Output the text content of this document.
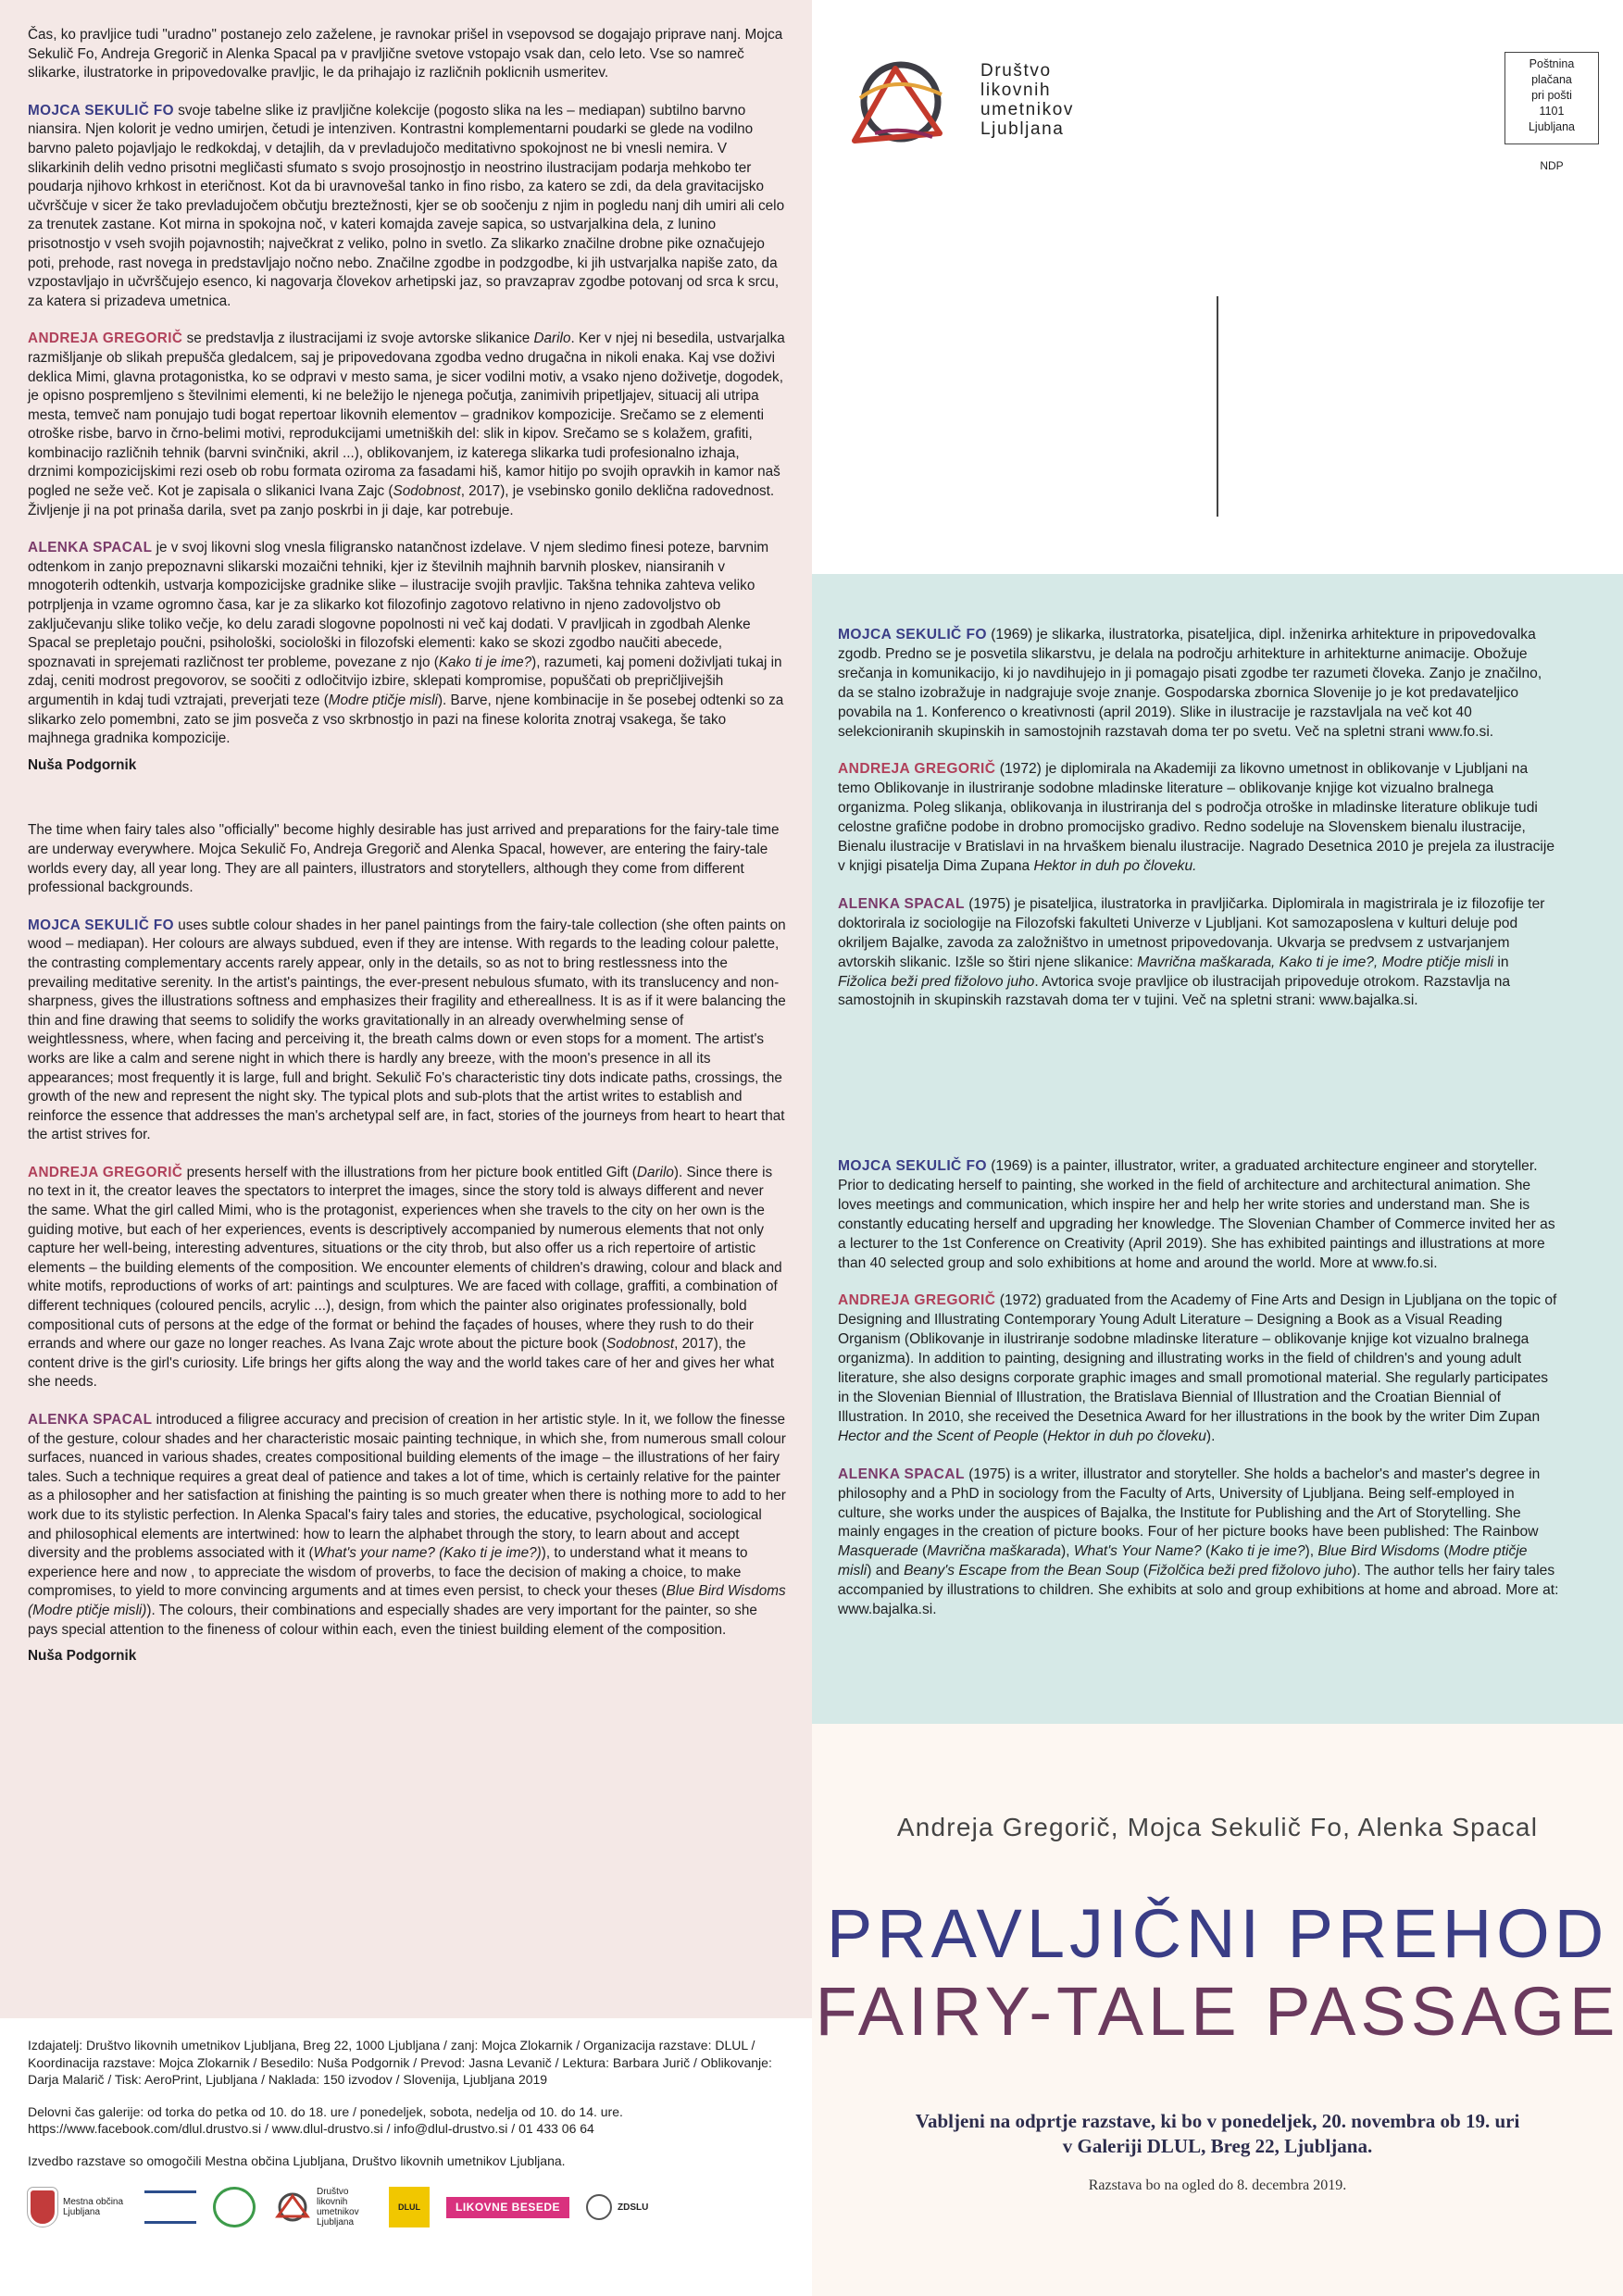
Čas, ko pravljice tudi "uradno" postanejo zelo zaželene, je ravnokar prišel in vsepovsod se dogajajo priprave nanj. Mojca Sekulič Fo, Andreja Gregorič in Alenka Spacal pa v pravljične svetove vstopajo vsak dan, celo leto. Vse so namreč slikarke, ilustratorke in pripovedovalke pravljic, le da prihajajo iz različnih poklicnih usmeritev.

MOJCA SEKULIČ FO svoje tabelne slike iz pravljične kolekcije (pogosto slika na les – mediapan) subtilno barvno niansira. Njen kolorit je vedno umirjen, četudi je intenziven. Kontrastni komplementarni poudarki se glede na vodilno barvno paleto pojavljajo le redkokdaj, v detajlih, da v prevladujočo meditativno spokojnost ne bi vnesli nemira. V slikarkinih delih vedno prisotni megličasti sfumato s svojo prosojnostjo in neostrino ilustracijam podarja mehkobo ter poudarja njihovo krhkost in eteričnost. Kot da bi uravnovešal tanko in fino risbo, za katero se zdi, da dela gravitacijsko učvrščuje v sicer že tako prevladujočem občutju breztežnosti, kjer se ob soočenju z njim in pogledu nanj dih umiri ali celo za trenutek zastane. Kot mirna in spokojna noč, v kateri komajda zaveje sapica, so ustvarjalkina dela, z lunino prisotnostjo v vseh svojih pojavnostih; največkrat z veliko, polno in svetlo. Za slikarko značilne drobne pike označujejo poti, prehode, rast novega in predstavljajo nočno nebo. Značilne zgodbe in podzgodbe, ki jih ustvarjalka napiše zato, da vzpostavljajo in učvrščujejo esenco, ki nagovarja človekov arhetipski jaz, so pravzaprav zgodbe potovanj od srca k srcu, za katera si prizadeva umetnica.

ANDREJA GREGORIČ se predstavlja z ilustracijami iz svoje avtorske slikanice Darilo. Ker v njej ni besedila, ustvarjalka razmišljanje ob slikah prepušča gledalcem, saj je pripovedovana zgodba vedno drugačna in nikoli enaka. Kaj vse doživi deklica Mimi, glavna protagonistka, ko se odpravi v mesto sama, je sicer vodilni motiv, a vsako njeno doživetje, dogodek, je opisno pospremljeno s številnimi elementi, ki ne beležijo le njenega počutja, zanimivih pripetljajev, situacij ali utripa mesta, temveč nam ponujajo tudi bogat repertoar likovnih elementov – gradnikov kompozicije. Srečamo se z elementi otroške risbe, barvo in črno-belimi motivi, reprodukcijami umetniških del: slik in kipov. Srečamo se s kolažem, grafiti, kombinacijo različnih tehnik (barvni svinčniki, akril ...), oblikovanjem, iz katerega slikarka tudi profesionalno izhaja, drznimi kompozicijskimi rezi oseb ob robu formata oziroma za fasadami hiš, kamor hitijo po svojih opravkih in kamor naš pogled ne seže več. Kot je zapisala o slikanici Ivana Zajc (Sodobnost, 2017), je vsebinsko gonilo deklična radovednost. Življenje ji na pot prinaša darila, svet pa zanjo poskrbi in ji daje, kar potrebuje.

ALENKA SPACAL je v svoj likovni slog vnesla filigransko natančnost izdelave. V njem sledimo finesi poteze, barvnim odtenkom in zanjo prepoznavni slikarski mozaični tehniki, kjer iz številnih majhnih barvnih ploskev, niansiranih v mnogoterih odtenkih, ustvarja kompozicijske gradnike slike – ilustracije svojih pravljic. Takšna tehnika zahteva veliko potrpljenja in vzame ogromno časa, kar je za slikarko kot filozofinjo zagotovo relativno in njeno zadovoljstvo ob zaključevanju slike toliko večje, ko delu zaradi slogovne popolnosti ni več kaj dodati. V pravljicah in zgodbah Alenke Spacal se prepletajo poučni, psihološki, sociološki in filozofski elementi: kako se skozi zgodbo naučiti abecede, spoznavati in sprejemati različnost ter probleme, povezane z njo (Kako ti je ime?), razumeti, kaj pomeni doživljati tukaj in zdaj, ceniti modrost pregovorov, se soočiti z odločitvijo izbire, sklepati kompromise, popuščati ob prepričljivejših argumentih in kdaj tudi vztrajati, preverjati teze (Modre ptičje misli). Barve, njene kombinacije in še posebej odtenki so za slikarko zelo pomembni, zato se jim posveča z vso skrbnostjo in pazi na finese kolorita znotraj vsakega, še tako majhnega gradnika kompozicije.

Nuša Podgornik

The time when fairy tales also "officially" become highly desirable has just arrived and preparations for the fairy-tale time are underway everywhere. Mojca Sekulič Fo, Andreja Gregorič and Alenka Spacal, however, are entering the fairy-tale worlds every day, all year long. They are all painters, illustrators and storytellers, although they come from different professional backgrounds.

MOJCA SEKULIČ FO uses subtle colour shades in her panel paintings from the fairy-tale collection (she often paints on wood – mediapan). Her colours are always subdued, even if they are intense. With regards to the leading colour palette, the contrasting complementary accents rarely appear, only in the details, so as not to bring restlessness into the prevailing meditative serenity. In the artist's paintings, the ever-present nebulous sfumato, with its translucency and non-sharpness, gives the illustrations softness and emphasizes their fragility and ethereallness. It is as if it were balancing the thin and fine drawing that seems to solidify the works gravitationally in an already overwhelming sense of weightlessness, where, when facing and perceiving it, the breath calms down or even stops for a moment. The artist's works are like a calm and serene night in which there is hardly any breeze, with the moon's presence in all its appearances; most frequently it is large, full and bright. Sekulič Fo's characteristic tiny dots indicate paths, crossings, the growth of the new and represent the night sky. The typical plots and sub-plots that the artist writes to establish and reinforce the essence that addresses the man's archetypal self are, in fact, stories of the journeys from heart to heart that the artist strives for.

ANDREJA GREGORIČ presents herself with the illustrations from her picture book entitled Gift (Darilo). Since there is no text in it, the creator leaves the spectators to interpret the images, since the story told is always different and never the same. What the girl called Mimi, who is the protagonist, experiences when she travels to the city on her own is the guiding motive, but each of her experiences, events is descriptively accompanied by numerous elements that not only capture her well-being, interesting adventures, situations or the city throb, but also offer us a rich repertoire of artistic elements – the building elements of the composition. We encounter elements of children's drawing, colour and black and white motifs, reproductions of works of art: paintings and sculptures. We are faced with collage, graffiti, a combination of different techniques (coloured pencils, acrylic ...), design, from which the painter also originates professionally, bold compositional cuts of persons at the edge of the format or behind the façades of houses, where they rush to do their errands and where our gaze no longer reaches. As Ivana Zajc wrote about the picture book (Sodobnost, 2017), the content drive is the girl's curiosity. Life brings her gifts along the way and the world takes care of her and gives her what she needs.

ALENKA SPACAL introduced a filigree accuracy and precision of creation in her artistic style. In it, we follow the finesse of the gesture, colour shades and her characteristic mosaic painting technique, in which she, from numerous small colour surfaces, nuanced in various shades, creates compositional building elements of the image – the illustrations of her fairy tales. Such a technique requires a great deal of patience and takes a lot of time, which is certainly relative for the painter as a philosopher and her satisfaction at finishing the painting is so much greater when there is nothing more to add to her work due to its stylistic perfection. In Alenka Spacal's fairy tales and stories, the educative, psychological, sociological and philosophical elements are intertwined: how to learn the alphabet through the story, to learn about and accept diversity and the problems associated with it (What's your name? (Kako ti je ime?)), to understand what it means to experience here and now , to appreciate the wisdom of proverbs, to face the decision of making a choice, to make compromises, to yield to more convincing arguments and at times even persist, to check your theses (Blue Bird Wisdoms (Modre ptičje misli)). The colours, their combinations and especially shades are very important for the painter, so she pays special attention to the fineness of colour within each, even the tiniest building element of the composition.

Nuša Podgornik

Izdajatelj: Društvo likovnih umetnikov Ljubljana, Breg 22, 1000 Ljubljana / zanj: Mojca Zlokarnik / Organizacija razstave: DLUL / Koordinacija razstave: Mojca Zlokarnik / Besedilo: Nuša Podgornik / Prevod: Jasna Levanič / Lektura: Barbara Jurič / Oblikovanje: Darja Malarič / Tisk: AeroPrint, Ljubljana / Naklada: 150 izvodov / Slovenija, Ljubljana 2019

Delovni čas galerije: od torka do petka od 10. do 18. ure / ponedeljek, sobota, nedelja od 10. do 14. ure.
https://www.facebook.com/dlul.drustvo.si / www.dlul-drustvo.si / info@dlul-drustvo.si / 01 433 06 64

Izvedbo razstave so omogočili Mestna občina Ljubljana, Društvo likovnih umetnikov Ljubljana.

Mestna občina Ljubljana
Društvo likovnih umetnikov Ljubljana
DLUL	LIKOVNE BESEDE	ZDSLU
Društvo
likovnih
umetnikov
Ljubljana
Poštnina
plačana
pri pošti
1101
Ljubljana
NDP

MOJCA SEKULIČ FO (1969) je slikarka, ilustratorka, pisateljica, dipl. inženirka arhitekture in pripovedovalka zgodb. Predno se je posvetila slikarstvu, je delala na področju arhitekture in arhitekturne animacije. Obožuje srečanja in komunikacijo, ki jo navdihujejo in ji pomagajo pisati zgodbe ter razumeti človeka. Zanjo je značilno, da se stalno izobražuje in nadgrajuje svoje znanje. Gospodarska zbornica Slovenije jo je kot predavateljico povabila na 1. Konferenco o kreativnosti (april 2019). Slike in ilustracije je razstavljala na več kot 40 selekcioniranih skupinskih in samostojnih razstavah doma ter po svetu. Več na spletni strani www.fo.si.

ANDREJA GREGORIČ (1972) je diplomirala na Akademiji za likovno umetnost in oblikovanje v Ljubljani na temo Oblikovanje in ilustriranje sodobne mladinske literature – oblikovanje knjige kot vizualno bralnega organizma. Poleg slikanja, oblikovanja in ilustriranja del s področja otroške in mladinske literature oblikuje tudi celostne grafične podobe in drobno promocijsko gradivo. Redno sodeluje na Slovenskem bienalu ilustracije, Bienalu ilustracije v Bratislavi in na hrvaškem bienalu ilustracije. Nagrado Desetnica 2010 je prejela za ilustracije v knjigi pisatelja Dima Zupana Hektor in duh po človeku.

ALENKA SPACAL (1975) je pisateljica, ilustratorka in pravljičarka. Diplomirala in magistrirala je iz filozofije ter doktorirala iz sociologije na Filozofski fakulteti Univerze v Ljubljani. Kot samozaposlena v kulturi deluje pod okriljem Bajalke, zavoda za založništvo in umetnost pripovedovanja. Ukvarja se predvsem z ustvarjanjem avtorskih slikanic. Izšle so štiri njene slikanice: Mavrična maškarada, Kako ti je ime?, Modre ptičje misli in Fižolica beži pred fižolovo juho. Avtorica svoje pravljice ob ilustracijah pripoveduje otrokom. Razstavlja na samostojnih in skupinskih razstavah doma ter v tujini. Več na spletni strani: www.bajalka.si.

MOJCA SEKULIČ FO (1969) is a painter, illustrator, writer, a graduated architecture engineer and storyteller. Prior to dedicating herself to painting, she worked in the field of architecture and architectural animation. She loves meetings and communication, which inspire her and help her write stories and understand man. She is constantly educating herself and upgrading her knowledge. The Slovenian Chamber of Commerce invited her as a lecturer to the 1st Conference on Creativity (April 2019). She has exhibited paintings and illustrations at more than 40 selected group and solo exhibitions at home and around the world. More at www.fo.si.

ANDREJA GREGORIČ (1972) graduated from the Academy of Fine Arts and Design in Ljubljana on the topic of Designing and Illustrating Contemporary Young Adult Literature – Designing a Book as a Visual Reading Organism (Oblikovanje in ilustriranje sodobne mladinske literature – oblikovanje knjige kot vizualno bralnega organizma). In addition to painting, designing and illustrating works in the field of children's and young adult literature, she also designs corporate graphic images and small promotional material. She regularly participates in the Slovenian Biennial of Illustration, the Bratislava Biennial of Illustration and the Croatian Biennial of Illustration. In 2010, she received the Desetnica Award for her illustrations in the book by the writer Dim Zupan Hector and the Scent of People (Hektor in duh po človeku).

ALENKA SPACAL (1975) is a writer, illustrator and storyteller. She holds a bachelor's and master's degree in philosophy and a PhD in sociology from the Faculty of Arts, University of Ljubljana. Being self-employed in culture, she works under the auspices of Bajalka, the Institute for Publishing and the Art of Storytelling. She mainly engages in the creation of picture books. Four of her picture books have been published: The Rainbow Masquerade (Mavrična maškarada), What's Your Name? (Kako ti je ime?), Blue Bird Wisdoms (Modre ptičje misli) and Beany's Escape from the Bean Soup (Fižolčica beži pred fižolovo juho). The author tells her fairy tales accompanied by illustrations to children. She exhibits at solo and group exhibitions at home and abroad. More at: www.bajalka.si.

Andreja Gregorič, Mojca Sekulič Fo, Alenka Spacal
PRAVLJIČNI PREHOD
FAIRY-TALE PASSAGE
Vabljeni na odprtje razstave, ki bo v ponedeljek, 20. novembra ob 19. uri
v Galeriji DLUL, Breg 22, Ljubljana.
Razstava bo na ogled do 8. decembra 2019.
